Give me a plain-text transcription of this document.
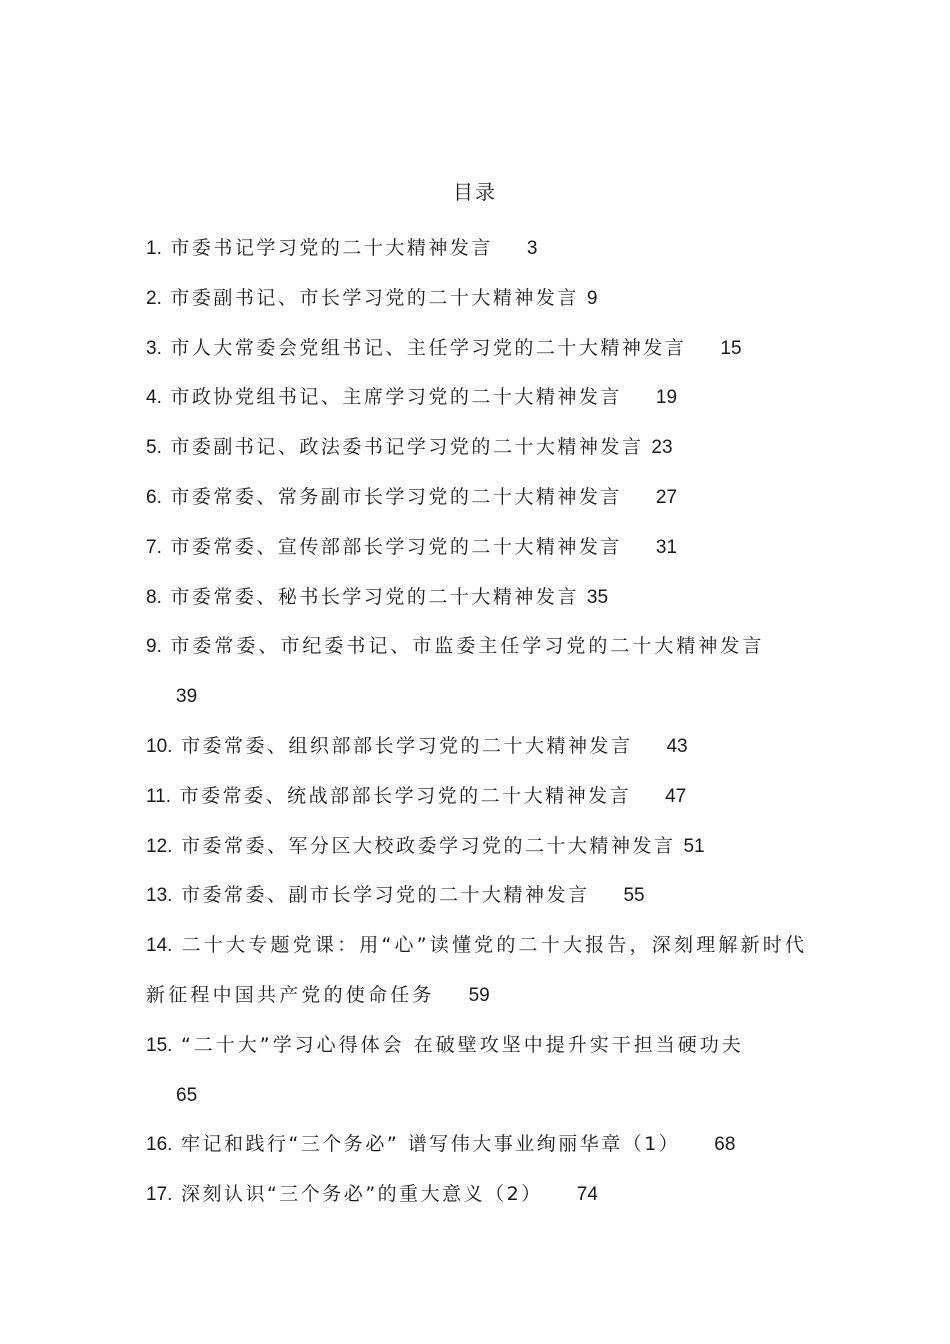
目录
1. 市委书记学习党的二十大精神发言 3
2. 市委副书记、市长学习党的二十大精神发言 9
3. 市人大常委会党组书记、主任学习党的二十大精神发言 15
4. 市政协党组书记、主席学习党的二十大精神发言 19
5. 市委副书记、政法委书记学习党的二十大精神发言 23
6. 市委常委、常务副市长学习党的二十大精神发言 27
7. 市委常委、宣传部部长学习党的二十大精神发言 31
8. 市委常委、秘书长学习党的二十大精神发言 35
9. 市委常委、市纪委书记、市监委主任学习党的二十大精神发言
39
10. 市委常委、组织部部长学习党的二十大精神发言 43
11. 市委常委、统战部部长学习党的二十大精神发言 47
12. 市委常委、军分区大校政委学习党的二十大精神发言 51
13. 市委常委、副市长学习党的二十大精神发言 55
14. 二十大专题党课：用“心”读懂党的二十大报告，深刻理解新时代新征程中国共产党的使命任务 59
15. “二十大”学习心得体会 在破壁攻坚中提升实干担当硬功夫
65
16. 牢记和践行“三个务必” 谱写伟大事业绚丽华章（1） 68
17. 深刻认识“三个务必”的重大意义（2） 74
